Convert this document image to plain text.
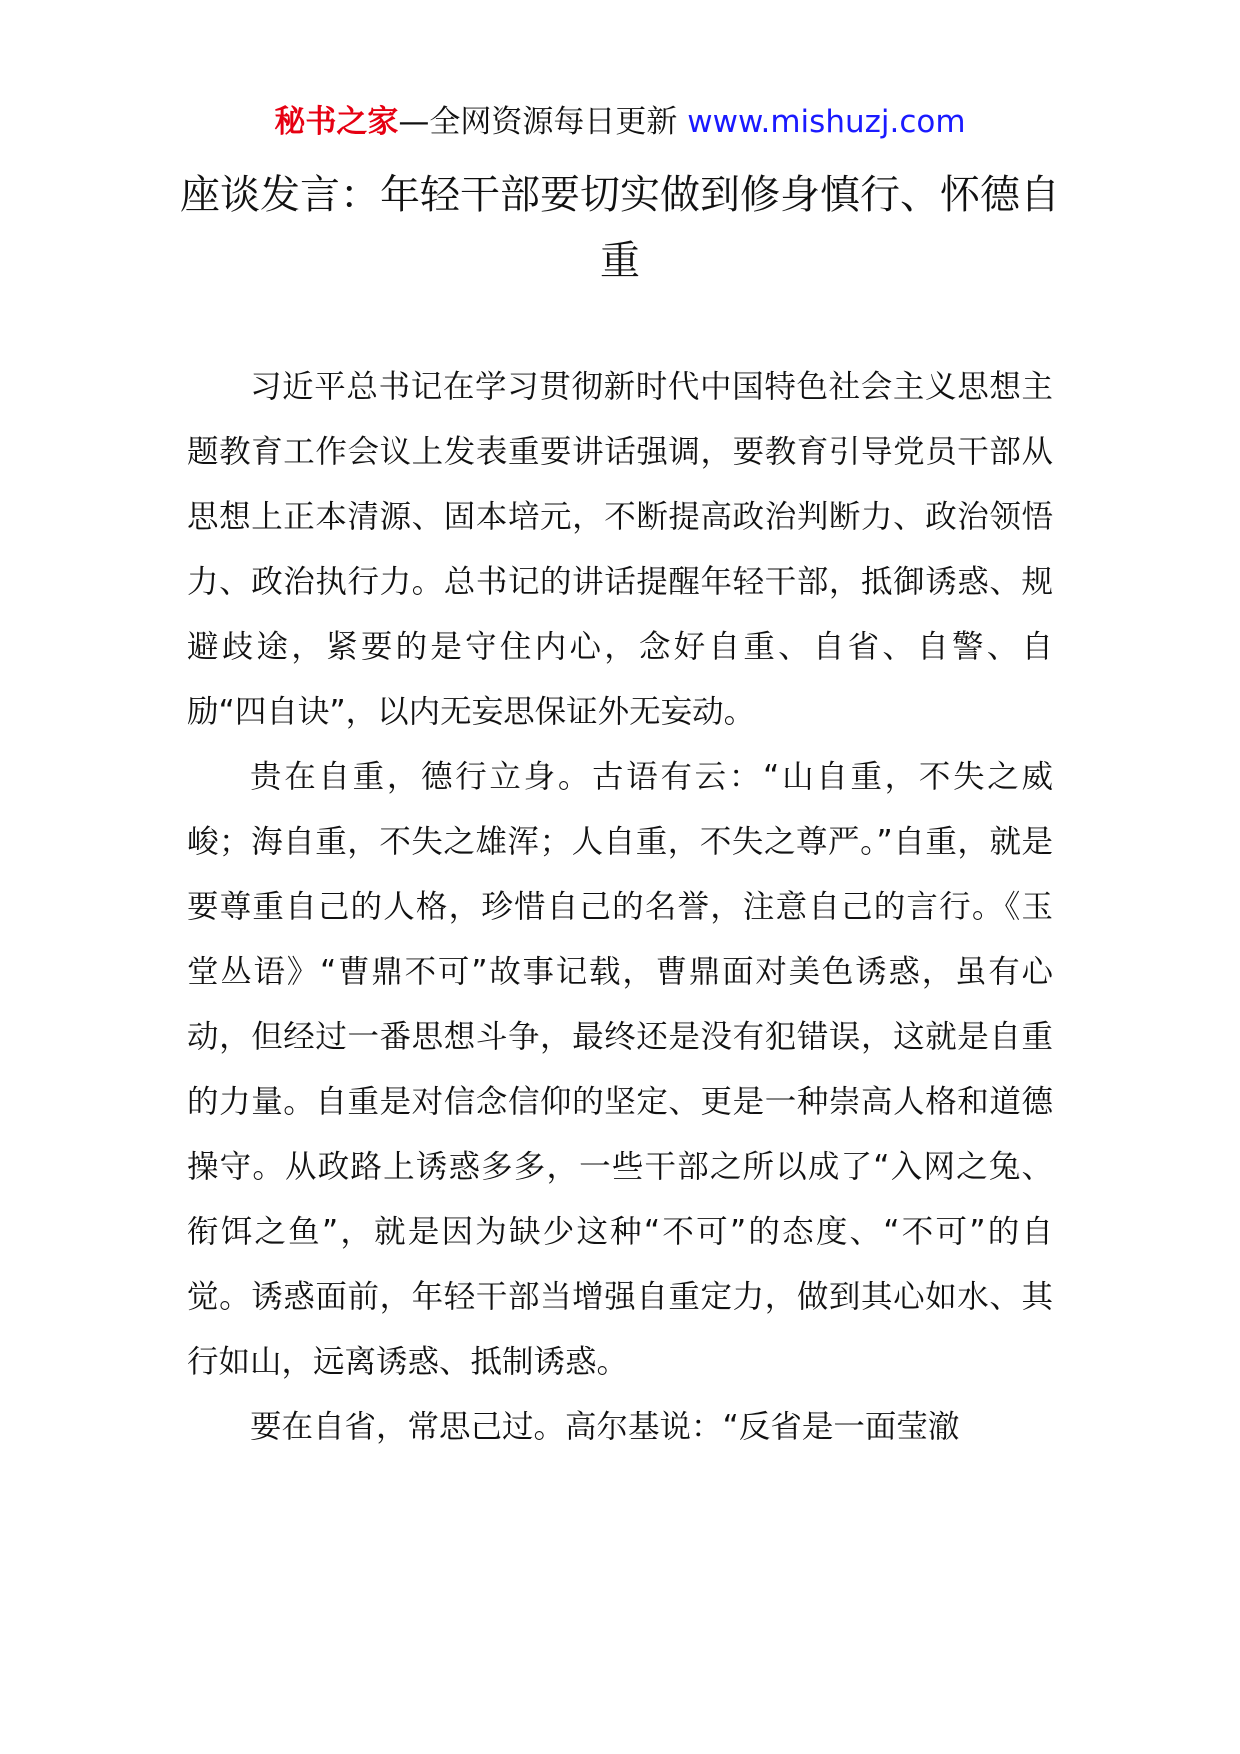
秘书之家—全网资源每日更新 www.mishuzj.com
座谈发言：年轻干部要切实做到修身慎行、怀德自重

习近平总书记在学习贯彻新时代中国特色社会主义思想主题教育工作会议上发表重要讲话强调，要教育引导党员干部从思想上正本清源、固本培元，不断提高政治判断力、政治领悟力、政治执行力。总书记的讲话提醒年轻干部，抵御诱惑、规避歧途，紧要的是守住内心，念好自重、自省、自警、自励“四自诀”，以内无妄思保证外无妄动。

贵在自重，德行立身。古语有云：“山自重，不失之威峻；海自重，不失之雄浑；人自重，不失之尊严。”自重，就是要尊重自己的人格，珍惜自己的名誉，注意自己的言行。《玉堂丛语》“曹鼎不可”故事记载，曹鼎面对美色诱惑，虽有心动，但经过一番思想斗争，最终还是没有犯错误，这就是自重的力量。自重是对信念信仰的坚定、更是一种崇高人格和道德操守。从政路上诱惑多多，一些干部之所以成了“入网之兔、衔饵之鱼”，就是因为缺少这种“不可”的态度、“不可”的自觉。诱惑面前，年轻干部当增强自重定力，做到其心如水、其行如山，远离诱惑、抵制诱惑。

要在自省，常思己过。高尔基说：“反省是一面莹澈
